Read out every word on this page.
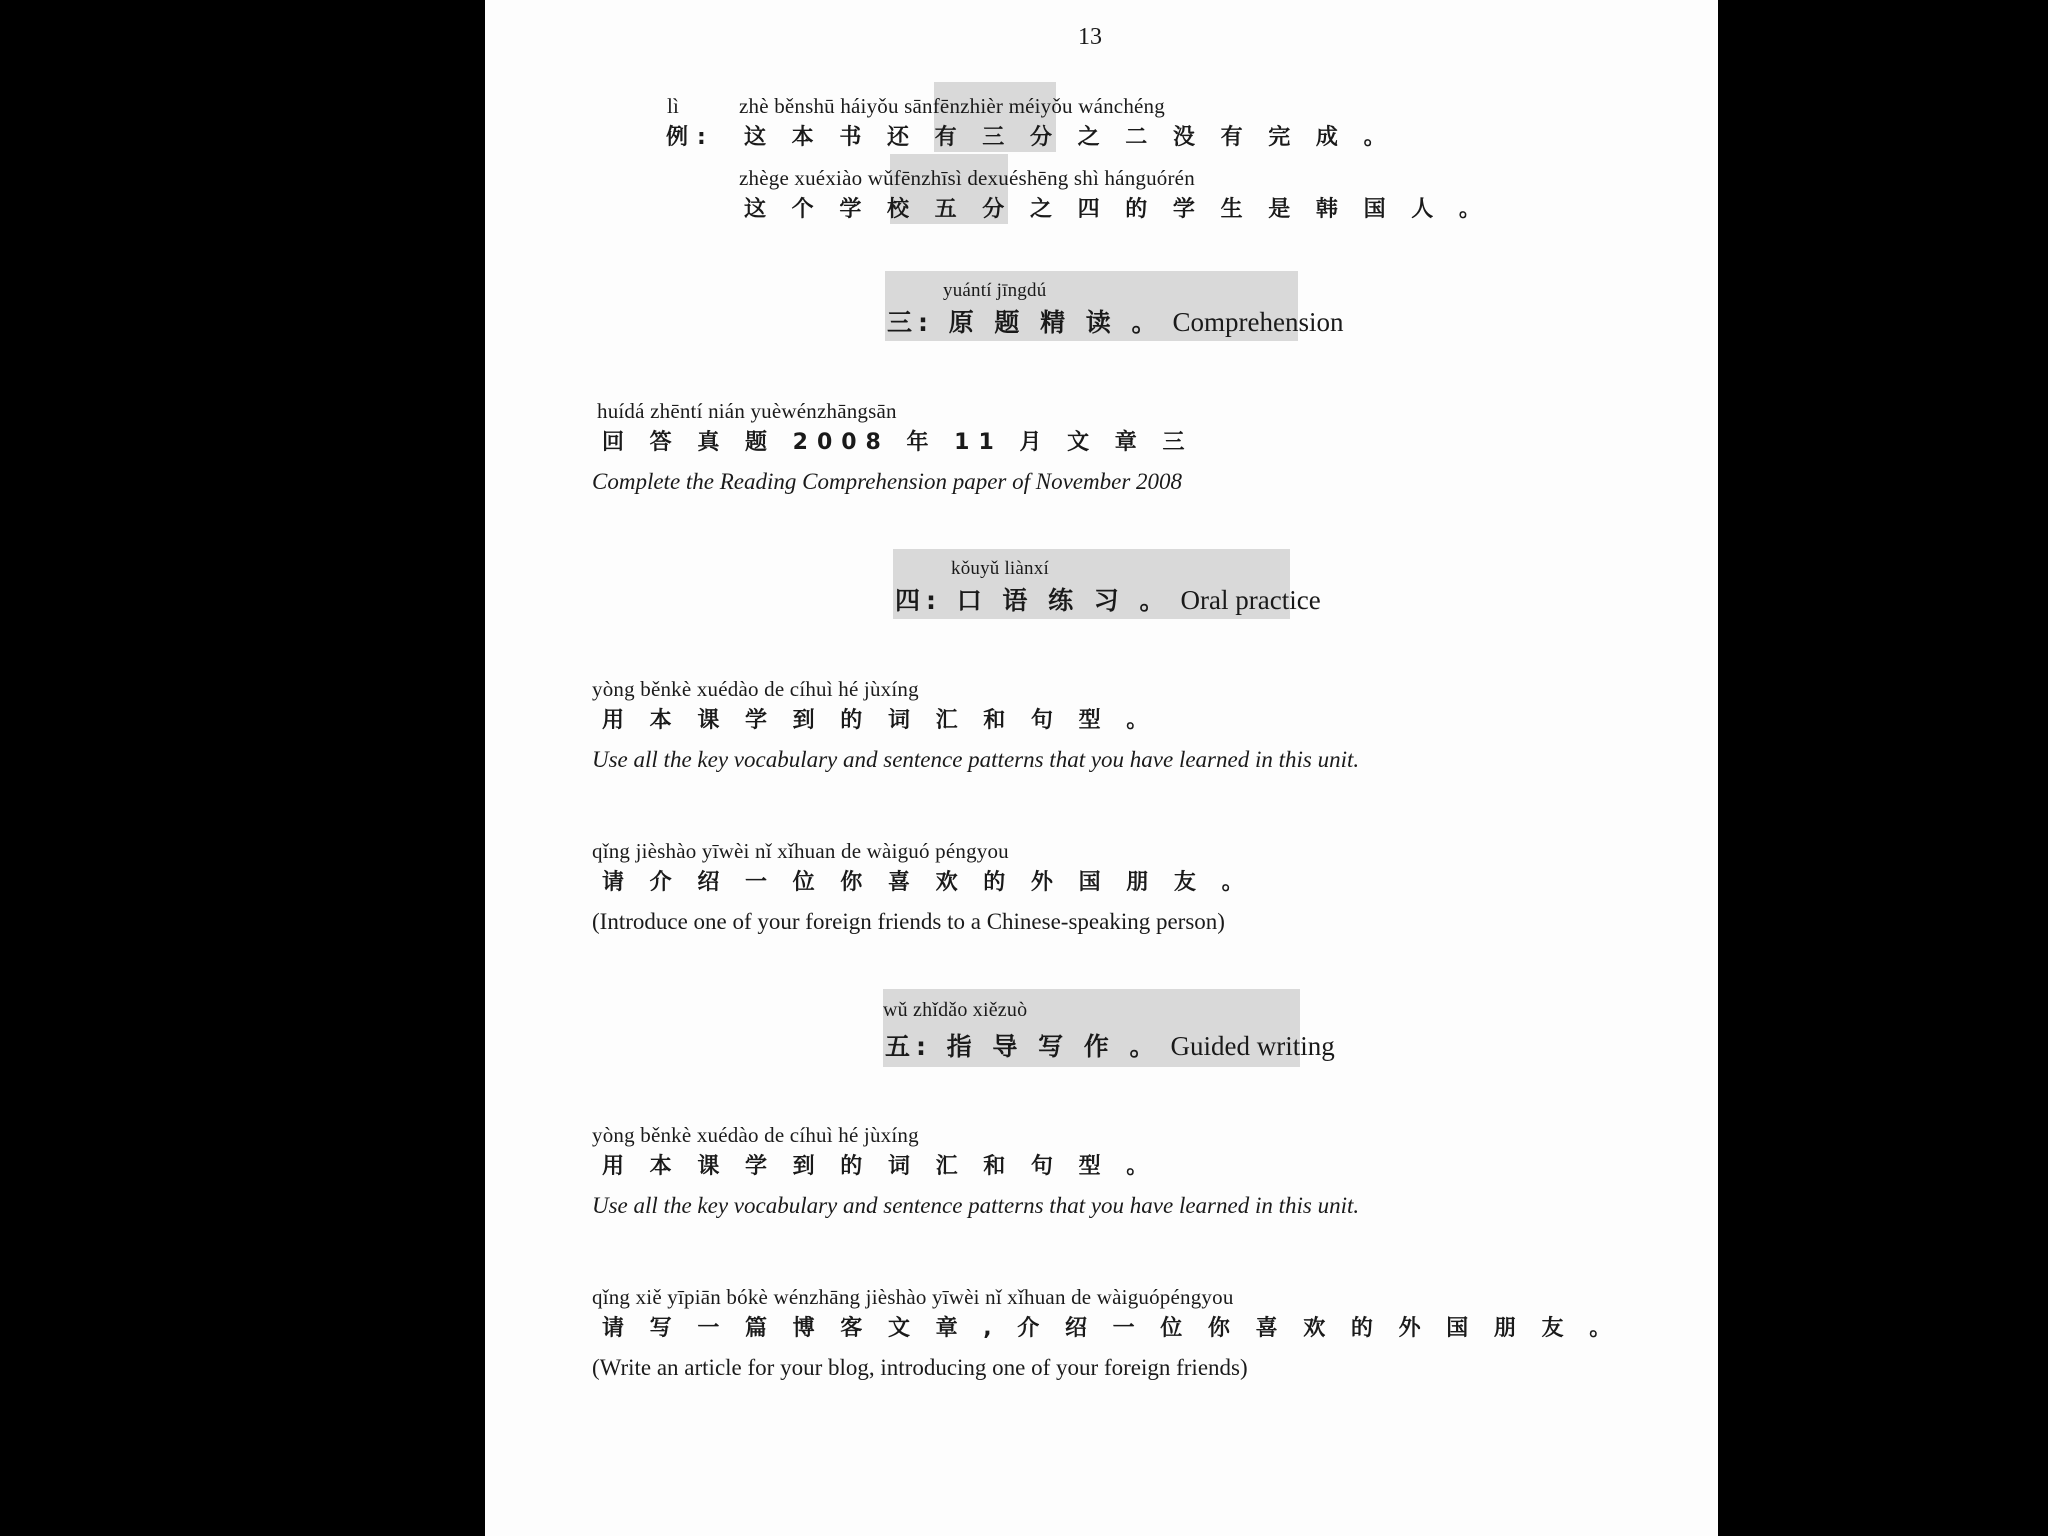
13
lì
例:
zhè běnshū háiyǒu sānfēnzhièr méiyǒu wánchéng
这 本 书 还 有 三 分 之 二 没 有 完 成 。
zhège xuéxiào wǔfēnzhīsì dexuéshēng shì hánguórén
这 个 学 校 五 分 之 四 的 学 生 是 韩 国 人 。
yuántí jīngdú
三: 原 题 精 读 。 Comprehension
huídá zhēntí nián yuèwénzhāngsān
回 答 真 题 2008 年 11 月 文 章 三
Complete the Reading Comprehension paper of November 2008
kǒuyǔ liànxí
四: 口 语 练 习 。 Oral practice
yòng běnkè xuédào de cíhuì hé jùxíng
用 本 课 学 到 的 词 汇 和 句 型 。
Use all the key vocabulary and sentence patterns that you have learned in this unit.
qǐng jièshào yīwèi nǐ xǐhuan de wàiguó péngyou
请 介 绍 一 位 你 喜 欢 的 外 国 朋 友 。
(Introduce one of your foreign friends to a Chinese-speaking person)
wǔ zhǐdǎo xiězuò
五: 指 导 写 作 。 Guided writing
yòng běnkè xuédào de cíhuì hé jùxíng
用 本 课 学 到 的 词 汇 和 句 型 。
Use all the key vocabulary and sentence patterns that you have learned in this unit.
qǐng xiě yīpiān bókè wénzhāng jièshào yīwèi nǐ xǐhuan de wàiguópéngyou
请 写 一 篇 博 客 文 章 , 介 绍 一 位 你 喜 欢 的 外 国 朋 友 。
(Write an article for your blog, introducing one of your foreign friends)
